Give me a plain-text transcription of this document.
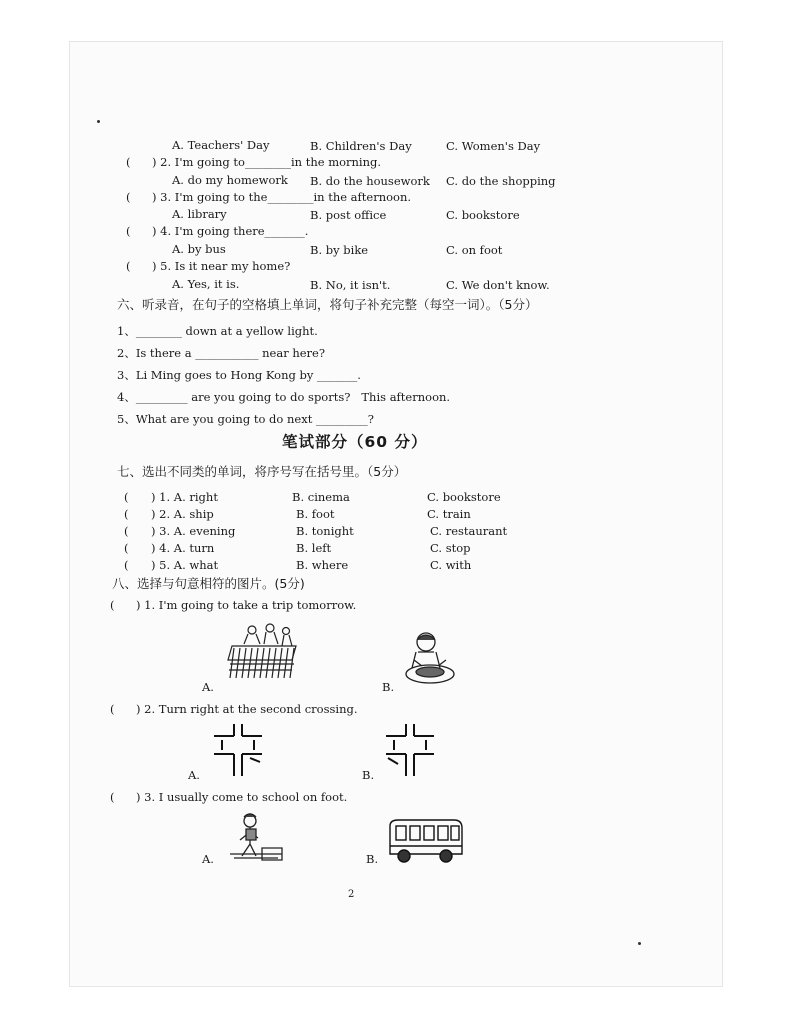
A. Teachers' Day	B. Children's Day	C. Women's Day
( ) 2. I'm going to________in the morning.
A. do my homework B. do the housework C. do the shopping
( ) 3. I'm going to the________in the afternoon.
A. library	B. post office	C. bookstore
( ) 4. I'm going there_______.
A. by bus	B. by bike	C. on foot
( ) 5. Is it near my home?
A. Yes, it is.	B. No, it isn't.	C. We don't know.
六、听录音，在句子的空格填上单词，将句子补充完整（每空一词）。（5分）
1、________ down at a yellow light.
2、Is there a ___________ near here?
3、Li Ming goes to Hong Kong by _______.
4、_________ are you going to do sports?   This afternoon.
5、What are you going to do next _________?
笔试部分（60 分）
七、选出不同类的单词，将序号写在括号里。（5分）
( ) 1. A. right	B. cinema	C. bookstore
( ) 2. A. ship	B. foot	C. train
( ) 3. A. evening	B. tonight	C. restaurant
( ) 4. A. turn	B. left	C. stop
( ) 5. A. what	B. where	C. with
八、选择与句意相符的图片。(5分)
( ) 1. I'm going to take a trip tomorrow.
A.	B.
( ) 2. Turn right at the second crossing.
A.	B.
( ) 3. I usually come to school on foot.
A.	B.
2
